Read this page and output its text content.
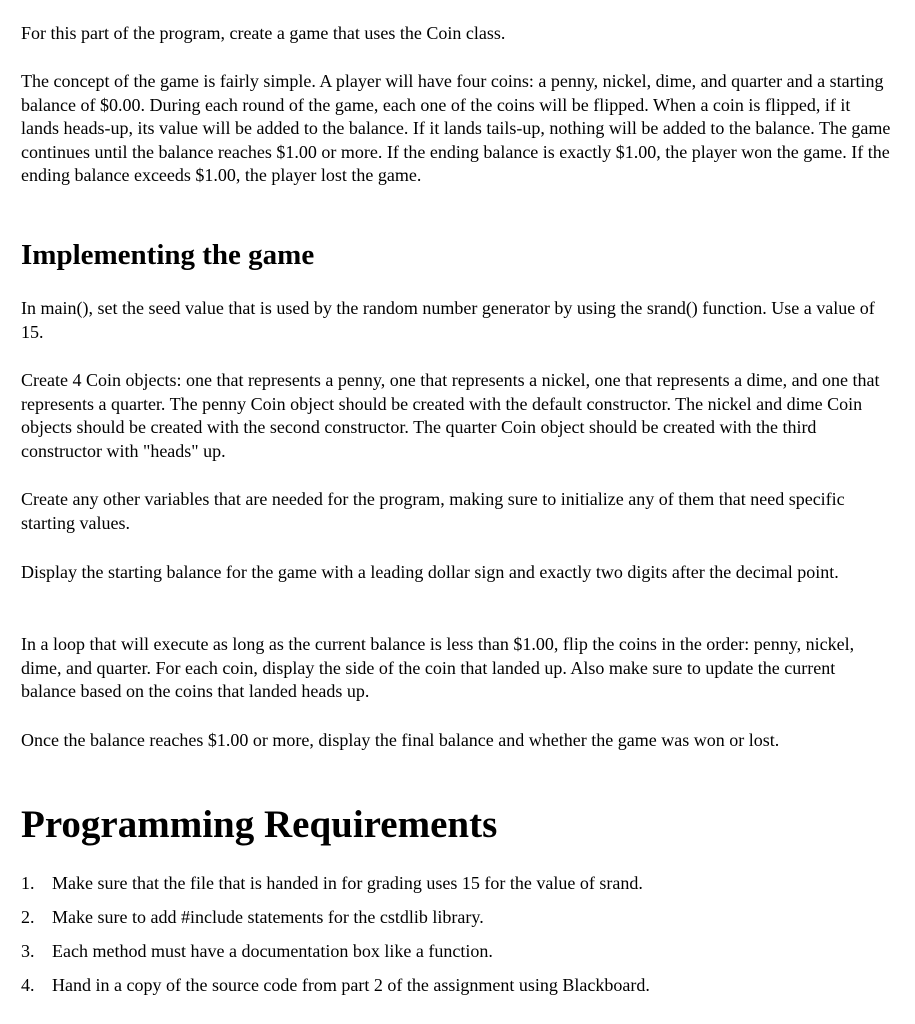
For this part of the program, create a game that uses the Coin class.

The concept of the game is fairly simple. A player will have four coins: a penny, nickel, dime, and quarter and a starting balance of $0.00. During each round of the game, each one of the coins will be flipped. When a coin is flipped, if it lands heads-up, its value will be added to the balance. If it lands tails-up, nothing will be added to the balance. The game continues until the balance reaches $1.00 or more. If the ending balance is exactly $1.00, the player won the game. If the ending balance exceeds $1.00, the player lost the game.

Implementing the game

In main(), set the seed value that is used by the random number generator by using the srand() function. Use a value of 15.

Create 4 Coin objects: one that represents a penny, one that represents a nickel, one that represents a dime, and one that represents a quarter. The penny Coin object should be created with the default constructor. The nickel and dime Coin objects should be created with the second constructor. The quarter Coin object should be created with the third constructor with "heads" up.

Create any other variables that are needed for the program, making sure to initialize any of them that need specific starting values.

Display the starting balance for the game with a leading dollar sign and exactly two digits after the decimal point.

In a loop that will execute as long as the current balance is less than $1.00, flip the coins in the order: penny, nickel, dime, and quarter. For each coin, display the side of the coin that landed up. Also make sure to update the current balance based on the coins that landed heads up.

Once the balance reaches $1.00 or more, display the final balance and whether the game was won or lost.

Programming Requirements
1. Make sure that the file that is handed in for grading uses 15 for the value of srand.
2. Make sure to add #include statements for the cstdlib library.
3. Each method must have a documentation box like a function.
4. Hand in a copy of the source code from part 2 of the assignment using Blackboard.
